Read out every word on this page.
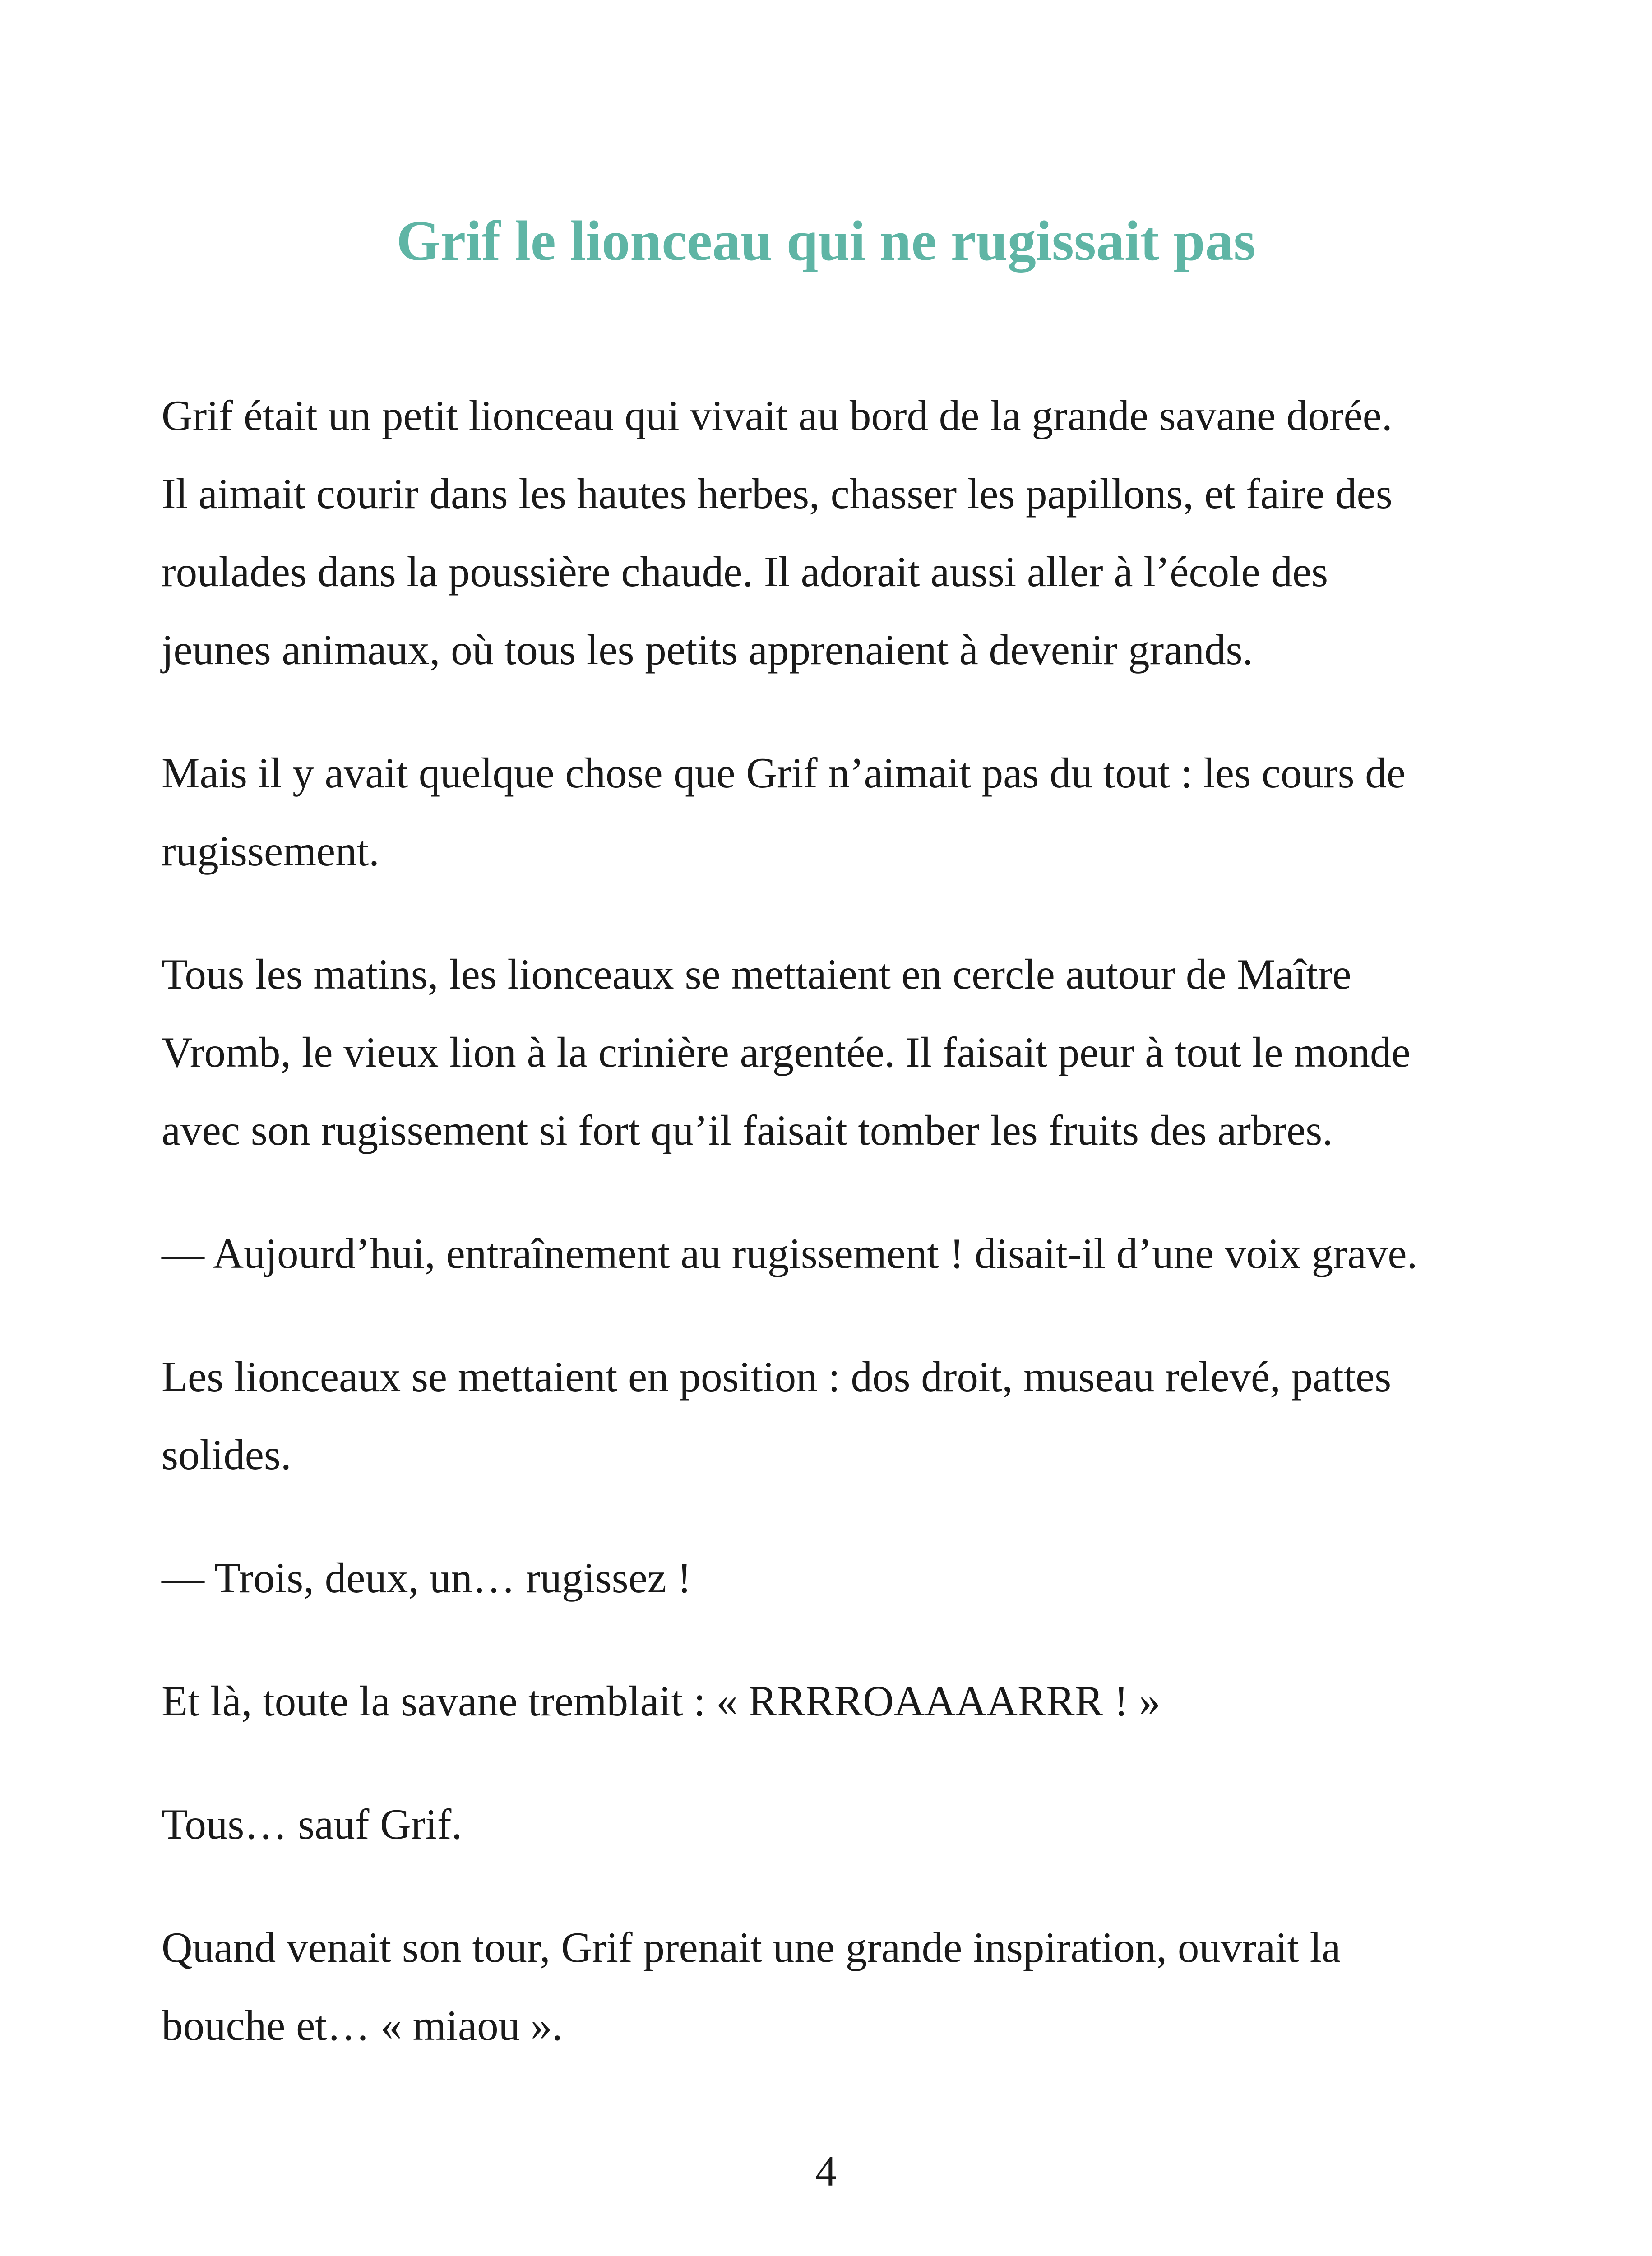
Grif le lionceau qui ne rugissait pas

Grif était un petit lionceau qui vivait au bord de la grande savane dorée.
Il aimait courir dans les hautes herbes, chasser les papillons, et faire des
roulades dans la poussière chaude. Il adorait aussi aller à l’école des
jeunes animaux, où tous les petits apprenaient à devenir grands.

Mais il y avait quelque chose que Grif n’aimait pas du tout : les cours de
rugissement.

Tous les matins, les lionceaux se mettaient en cercle autour de Maître
Vromb, le vieux lion à la crinière argentée. Il faisait peur à tout le monde
avec son rugissement si fort qu’il faisait tomber les fruits des arbres.

— Aujourd’hui, entraînement au rugissement ! disait-il d’une voix grave.

Les lionceaux se mettaient en position : dos droit, museau relevé, pattes
solides.

— Trois, deux, un… rugissez !

Et là, toute la savane tremblait : « RRRROAAAARRR ! »

Tous… sauf Grif.

Quand venait son tour, Grif prenait une grande inspiration, ouvrait la
bouche et… « miaou ».

4
